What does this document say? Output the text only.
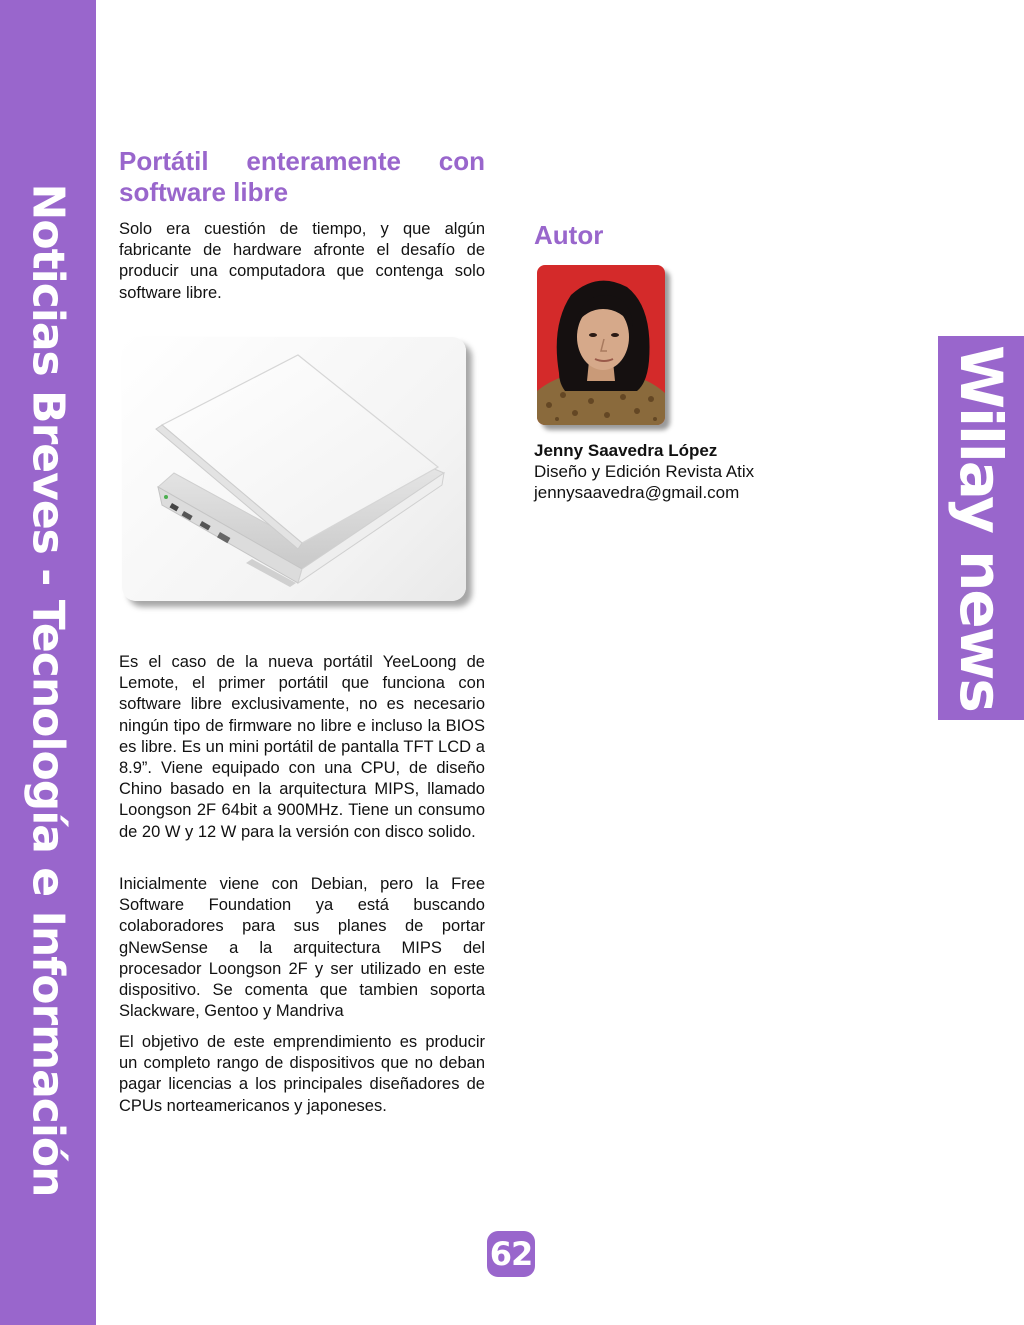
Noticias Breves - Tecnología e Información	Willay news
Portátil enteramente con software libre

Solo era cuestión de tiempo, y que algún fabricante de hardware afronte el desafío de producir una computadora que contenga solo software libre.

Es el caso de la nueva portátil YeeLoong de Lemote, el primer portátil que funciona con software libre exclusivamente, no es necesario ningún tipo de firmware no libre e incluso la BIOS es libre. Es un mini portátil de pantalla TFT LCD a 8.9”. Viene equipado con una CPU, de diseño Chino basado en la arquitectura MIPS, llamado Loongson 2F 64bit a 900MHz. Tiene un consumo de 20 W y 12 W para la versión con disco solido.

Inicialmente viene con Debian, pero la Free Software Foundation ya está buscando colaboradores para sus planes de portar gNewSense a la arquitectura MIPS del procesador Loongson 2F y ser utilizado en este dispositivo. Se comenta que tambien soporta Slackware, Gentoo y Mandriva

El objetivo de este emprendimiento es producir un completo rango de dispositivos que no deban pagar licencias a los principales diseñadores de CPUs norteamericanos y japoneses.

Autor

Jenny Saavedra López

Diseño y Edición Revista Atix

jennysaavedra@gmail.com

62
